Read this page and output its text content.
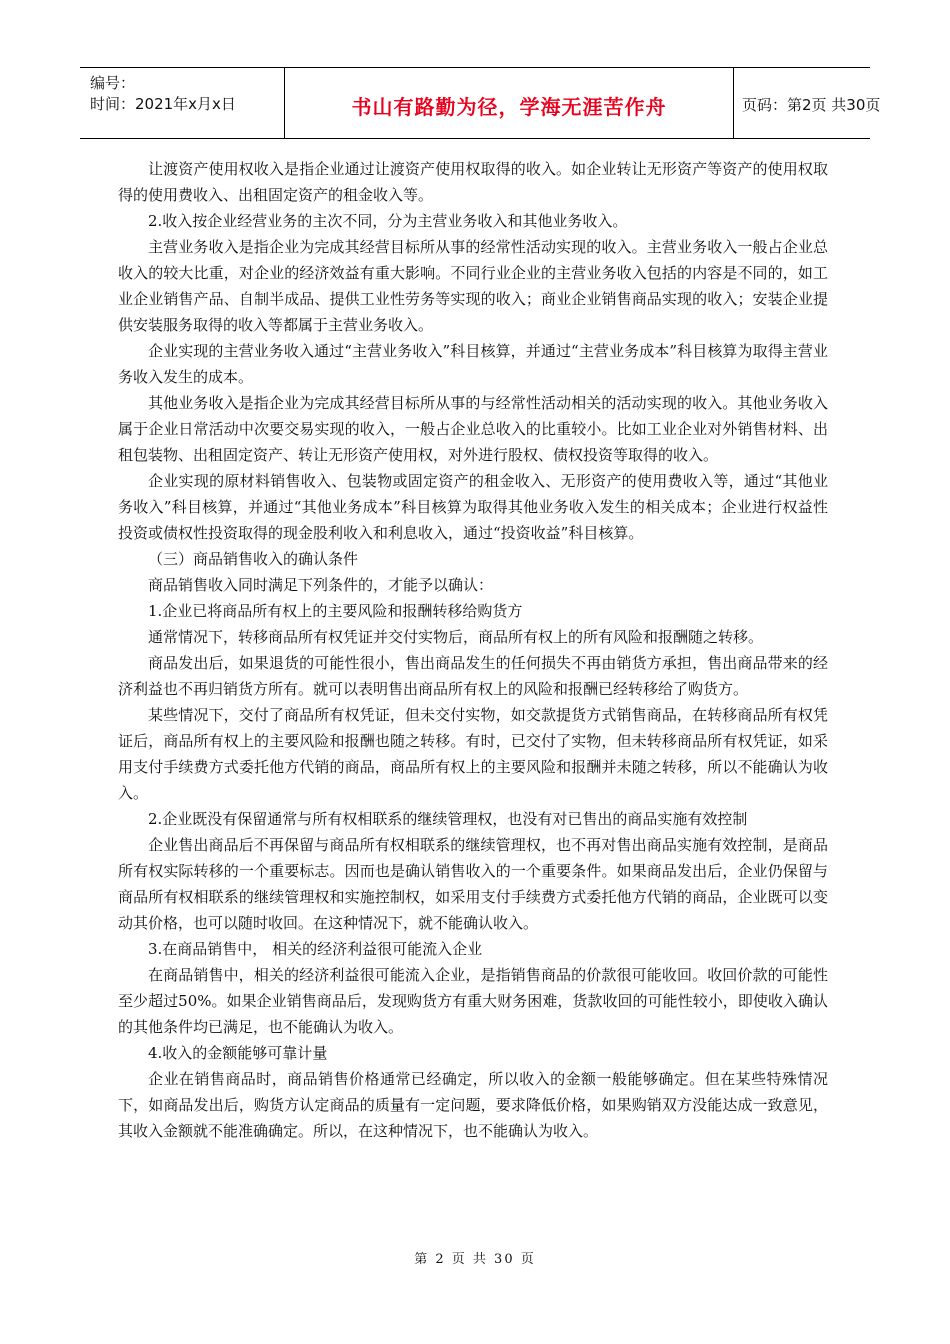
编号：
时间：2021年x月x日	书山有路勤为径，学海无涯苦作舟	页码：第2页 共30页

让渡资产使用权收入是指企业通过让渡资产使用权取得的收入。如企业转让无形资产等资产的使用权取得的使用费收入、出租固定资产的租金收入等。

2.收入按企业经营业务的主次不同，分为主营业务收入和其他业务收入。

主营业务收入是指企业为完成其经营目标所从事的经常性活动实现的收入。主营业务收入一般占企业总收入的较大比重，对企业的经济效益有重大影响。不同行业企业的主营业务收入包括的内容是不同的，如工业企业销售产品、自制半成品、提供工业性劳务等实现的收入；商业企业销售商品实现的收入；安装企业提供安装服务取得的收入等都属于主营业务收入。

企业实现的主营业务收入通过“主营业务收入”科目核算，并通过“主营业务成本”科目核算为取得主营业务收入发生的成本。

其他业务收入是指企业为完成其经营目标所从事的与经常性活动相关的活动实现的收入。其他业务收入属于企业日常活动中次要交易实现的收入，一般占企业总收入的比重较小。比如工业企业对外销售材料、出租包装物、出租固定资产、转让无形资产使用权，对外进行股权、债权投资等取得的收入。

企业实现的原材料销售收入、包装物或固定资产的租金收入、无形资产的使用费收入等，通过“其他业务收入”科目核算，并通过“其他业务成本”科目核算为取得其他业务收入发生的相关成本；企业进行权益性投资或债权性投资取得的现金股利收入和利息收入，通过“投资收益”科目核算。

（三）商品销售收入的确认条件

商品销售收入同时满足下列条件的，才能予以确认：

1.企业已将商品所有权上的主要风险和报酬转移给购货方

通常情况下，转移商品所有权凭证并交付实物后，商品所有权上的所有风险和报酬随之转移。

商品发出后，如果退货的可能性很小，售出商品发生的任何损失不再由销货方承担，售出商品带来的经济利益也不再归销货方所有。就可以表明售出商品所有权上的风险和报酬已经转移给了购货方。

某些情况下，交付了商品所有权凭证，但未交付实物，如交款提货方式销售商品，在转移商品所有权凭证后，商品所有权上的主要风险和报酬也随之转移。有时，已交付了实物，但未转移商品所有权凭证，如采用支付手续费方式委托他方代销的商品，商品所有权上的主要风险和报酬并未随之转移，所以不能确认为收入。

2.企业既没有保留通常与所有权相联系的继续管理权，也没有对已售出的商品实施有效控制

企业售出商品后不再保留与商品所有权相联系的继续管理权，也不再对售出商品实施有效控制，是商品所有权实际转移的一个重要标志。因而也是确认销售收入的一个重要条件。如果商品发出后，企业仍保留与商品所有权相联系的继续管理权和实施控制权，如采用支付手续费方式委托他方代销的商品，企业既可以变动其价格，也可以随时收回。在这种情况下，就不能确认收入。

3.在商品销售中， 相关的经济利益很可能流入企业

在商品销售中，相关的经济利益很可能流入企业，是指销售商品的价款很可能收回。收回价款的可能性至少超过50%。如果企业销售商品后，发现购货方有重大财务困难，货款收回的可能性较小，即使收入确认的其他条件均已满足，也不能确认为收入。

4.收入的金额能够可靠计量

企业在销售商品时，商品销售价格通常已经确定，所以收入的金额一般能够确定。但在某些特殊情况下，如商品发出后，购货方认定商品的质量有一定问题，要求降低价格，如果购销双方没能达成一致意见，其收入金额就不能准确确定。所以，在这种情况下，也不能确认为收入。

第 2 页 共 30 页
